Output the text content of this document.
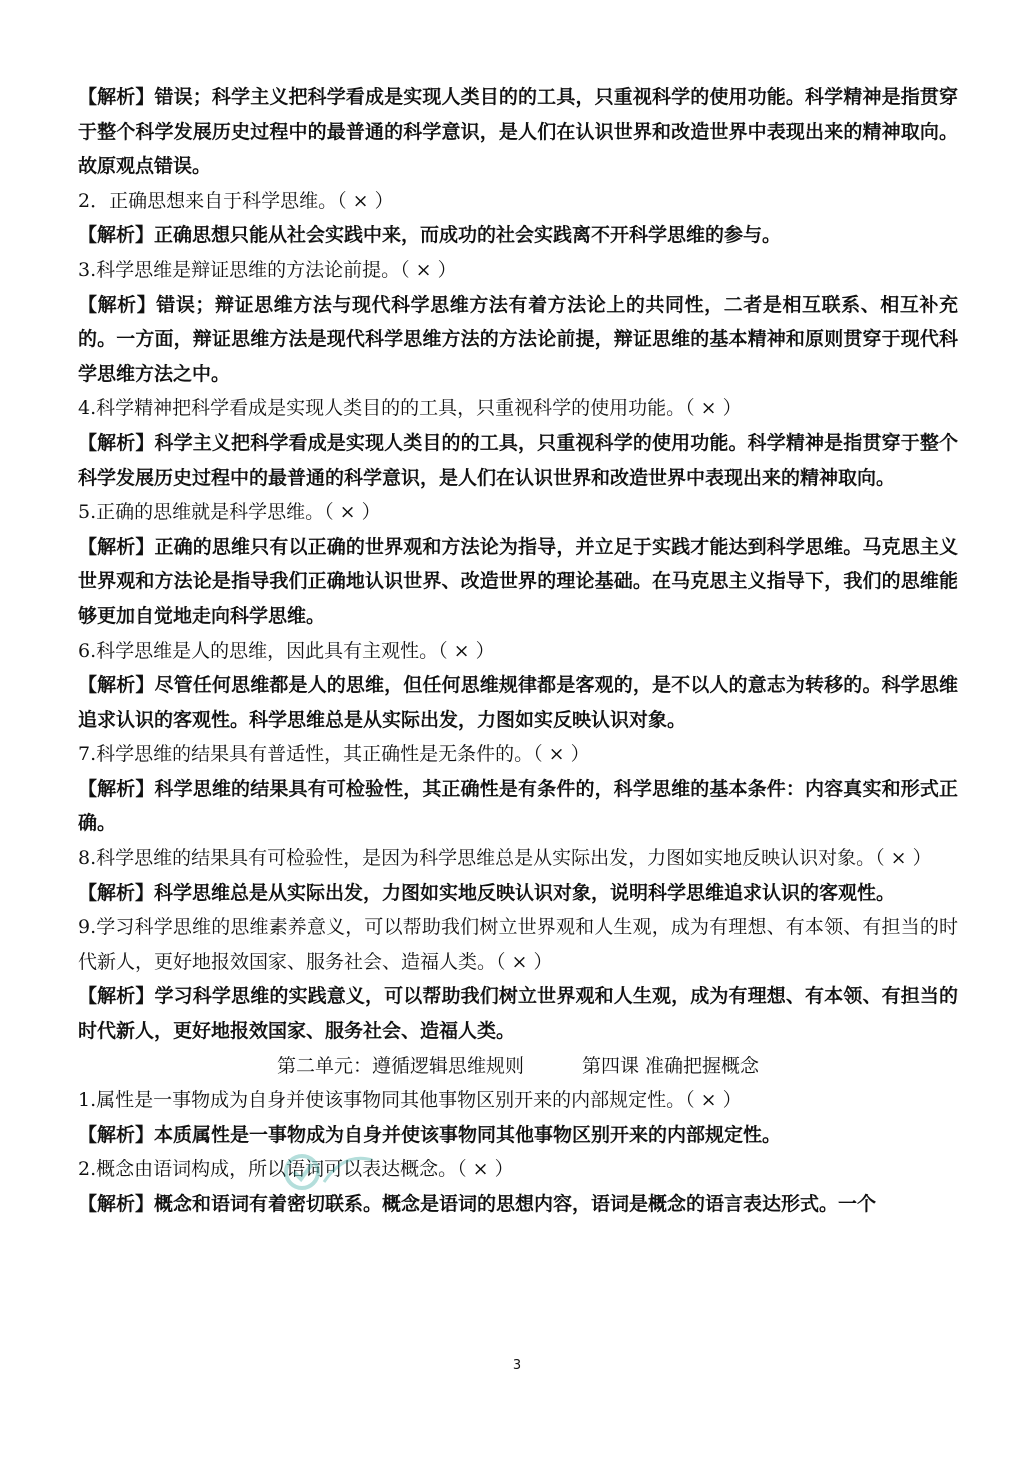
【解析】错误；科学主义把科学看成是实现人类目的的工具，只重视科学的使用功能。科学精神是指贯穿于整个科学发展历史过程中的最普通的科学意识，是人们在认识世界和改造世界中表现出来的精神取向。故原观点错误。

2．正确思想来自于科学思维。（ × ）

【解析】正确思想只能从社会实践中来，而成功的社会实践离不开科学思维的参与。

3.科学思维是辩证思维的方法论前提。（ × ）

【解析】错误；辩证思维方法与现代科学思维方法有着方法论上的共同性，二者是相互联系、相互补充的。一方面，辩证思维方法是现代科学思维方法的方法论前提，辩证思维的基本精神和原则贯穿于现代科学思维方法之中。

4.科学精神把科学看成是实现人类目的的工具，只重视科学的使用功能。（ × ）

【解析】科学主义把科学看成是实现人类目的的工具，只重视科学的使用功能。科学精神是指贯穿于整个科学发展历史过程中的最普通的科学意识，是人们在认识世界和改造世界中表现出来的精神取向。

5.正确的思维就是科学思维。（ × ）

【解析】正确的思维只有以正确的世界观和方法论为指导，并立足于实践才能达到科学思维。马克思主义世界观和方法论是指导我们正确地认识世界、改造世界的理论基础。在马克思主义指导下，我们的思维能够更加自觉地走向科学思维。

6.科学思维是人的思维，因此具有主观性。（ × ）

【解析】尽管任何思维都是人的思维，但任何思维规律都是客观的，是不以人的意志为转移的。科学思维追求认识的客观性。科学思维总是从实际出发，力图如实反映认识对象。

7.科学思维的结果具有普适性，其正确性是无条件的。（ × ）

【解析】科学思维的结果具有可检验性，其正确性是有条件的，科学思维的基本条件：内容真实和形式正确。

8.科学思维的结果具有可检验性，是因为科学思维总是从实际出发，力图如实地反映认识对象。（ × ）

【解析】科学思维总是从实际出发，力图如实地反映认识对象，说明科学思维追求认识的客观性。

9.学习科学思维的思维素养意义，可以帮助我们树立世界观和人生观，成为有理想、有本领、有担当的时代新人，更好地报效国家、服务社会、造福人类。（ × ）

【解析】学习科学思维的实践意义，可以帮助我们树立世界观和人生观，成为有理想、有本领、有担当的时代新人，更好地报效国家、服务社会、造福人类。

第二单元：遵循逻辑思维规则	第四课 准确把握概念

1.属性是一事物成为自身并使该事物同其他事物区别开来的内部规定性。（ × ）

【解析】本质属性是一事物成为自身并使该事物同其他事物区别开来的内部规定性。

2.概念由语词构成，所以语词可以表达概念。（ × ）

【解析】概念和语词有着密切联系。概念是语词的思想内容，语词是概念的语言表达形式。一个

3
